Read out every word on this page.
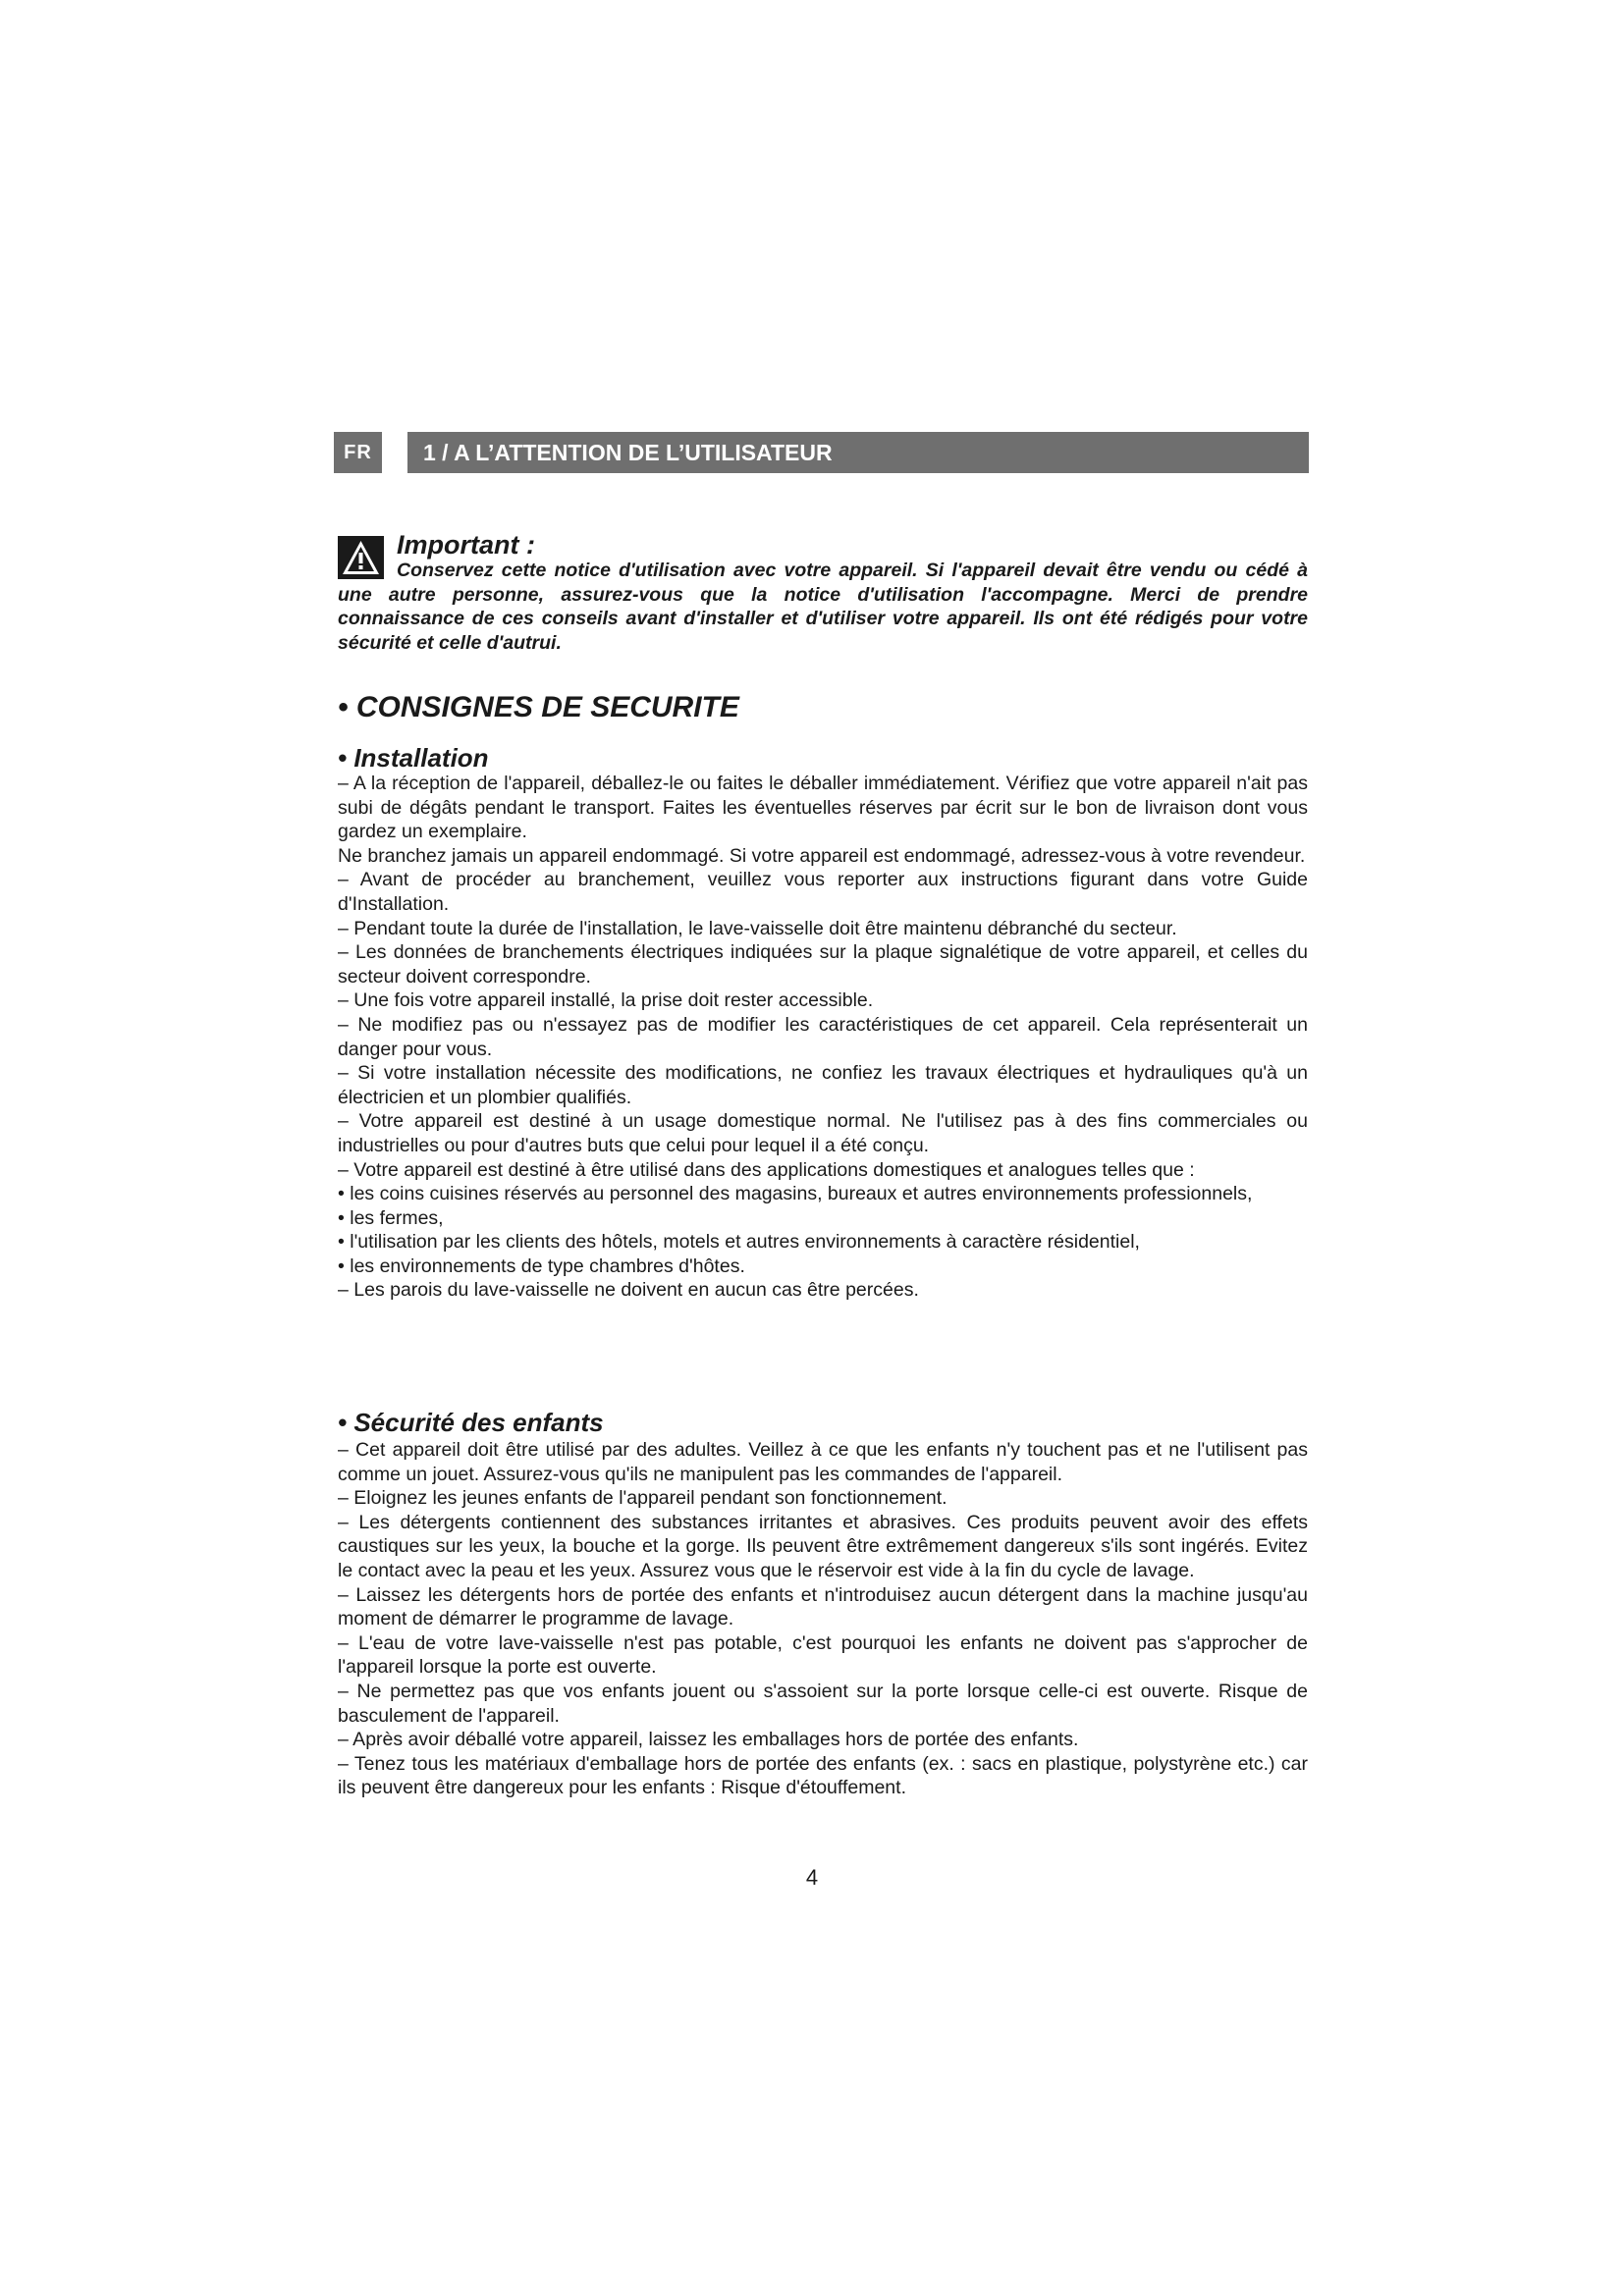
FR	1 / A L’ATTENTION DE L’UTILISATEUR
Important :
Conservez cette notice d'utilisation avec votre appareil. Si l'appareil devait être vendu ou cédé à une autre personne, assurez-vous que la notice d'utilisation l'accompagne. Merci de prendre connaissance de ces conseils avant d'installer et d'utiliser votre appareil. Ils ont été rédigés pour votre sécurité et celle d'autrui.
• CONSIGNES DE SECURITE
• Installation

– A la réception de l'appareil, déballez-le ou faites le déballer immédiatement. Vérifiez que votre appareil n'ait pas subi de dégâts pendant le transport. Faites les éventuelles réserves par écrit sur le bon de livraison dont vous gardez un exemplaire.

Ne branchez jamais un appareil endommagé. Si votre appareil est endommagé, adressez-vous à votre revendeur.

– Avant de procéder au branchement, veuillez vous reporter aux instructions figurant dans votre Guide d'Installation.

– Pendant toute la durée de l'installation, le lave-vaisselle doit être maintenu débranché du secteur.

– Les données de branchements électriques indiquées sur la plaque signalétique de votre appareil, et celles du secteur doivent correspondre.

– Une fois votre appareil installé, la prise doit rester accessible.

– Ne modifiez pas ou n'essayez pas de modifier les caractéristiques de cet appareil. Cela représenterait un danger pour vous.

– Si votre installation nécessite des modifications, ne confiez les travaux électriques et hydrauliques qu'à un électricien et un plombier qualifiés.

– Votre appareil est destiné à un usage domestique normal. Ne l'utilisez pas à des fins commerciales ou industrielles ou pour d'autres buts que celui pour lequel il a été conçu.

– Votre appareil est destiné à être utilisé dans des applications domestiques et analogues telles que :

• les coins cuisines réservés au personnel des magasins, bureaux et autres environnements professionnels,

• les fermes,

• l'utilisation par les clients des hôtels, motels et autres environnements à caractère résidentiel,

• les environnements de type chambres d'hôtes.

– Les parois du lave-vaisselle ne doivent en aucun cas être percées.

• Sécurité des enfants

– Cet appareil doit être utilisé par des adultes. Veillez à ce que les enfants n'y touchent pas et ne l'utilisent pas comme un jouet. Assurez-vous qu'ils ne manipulent pas les commandes de l'appareil.

– Eloignez les jeunes enfants de l'appareil pendant son fonctionnement.

– Les détergents contiennent des substances irritantes et abrasives. Ces produits peuvent avoir des effets caustiques sur les yeux, la bouche et la gorge. Ils peuvent être extrêmement dangereux s'ils sont ingérés. Evitez le contact avec la peau et les yeux. Assurez vous que le réservoir est vide à la fin du cycle de lavage.

– Laissez les détergents hors de portée des enfants et n'introduisez aucun détergent dans la machine jusqu'au moment de démarrer le programme de lavage.

– L'eau de votre lave-vaisselle n'est pas potable, c'est pourquoi les enfants ne doivent pas s'approcher de l'appareil lorsque la porte est ouverte.

– Ne permettez pas que vos enfants jouent ou s'assoient sur la porte lorsque celle-ci est ouverte. Risque de basculement de l'appareil.

– Après avoir déballé votre appareil, laissez les emballages hors de portée des enfants.

– Tenez tous les matériaux d'emballage hors de portée des enfants (ex. : sacs en plastique, polystyrène etc.) car ils peuvent être dangereux pour les enfants : Risque d'étouffement.

4
